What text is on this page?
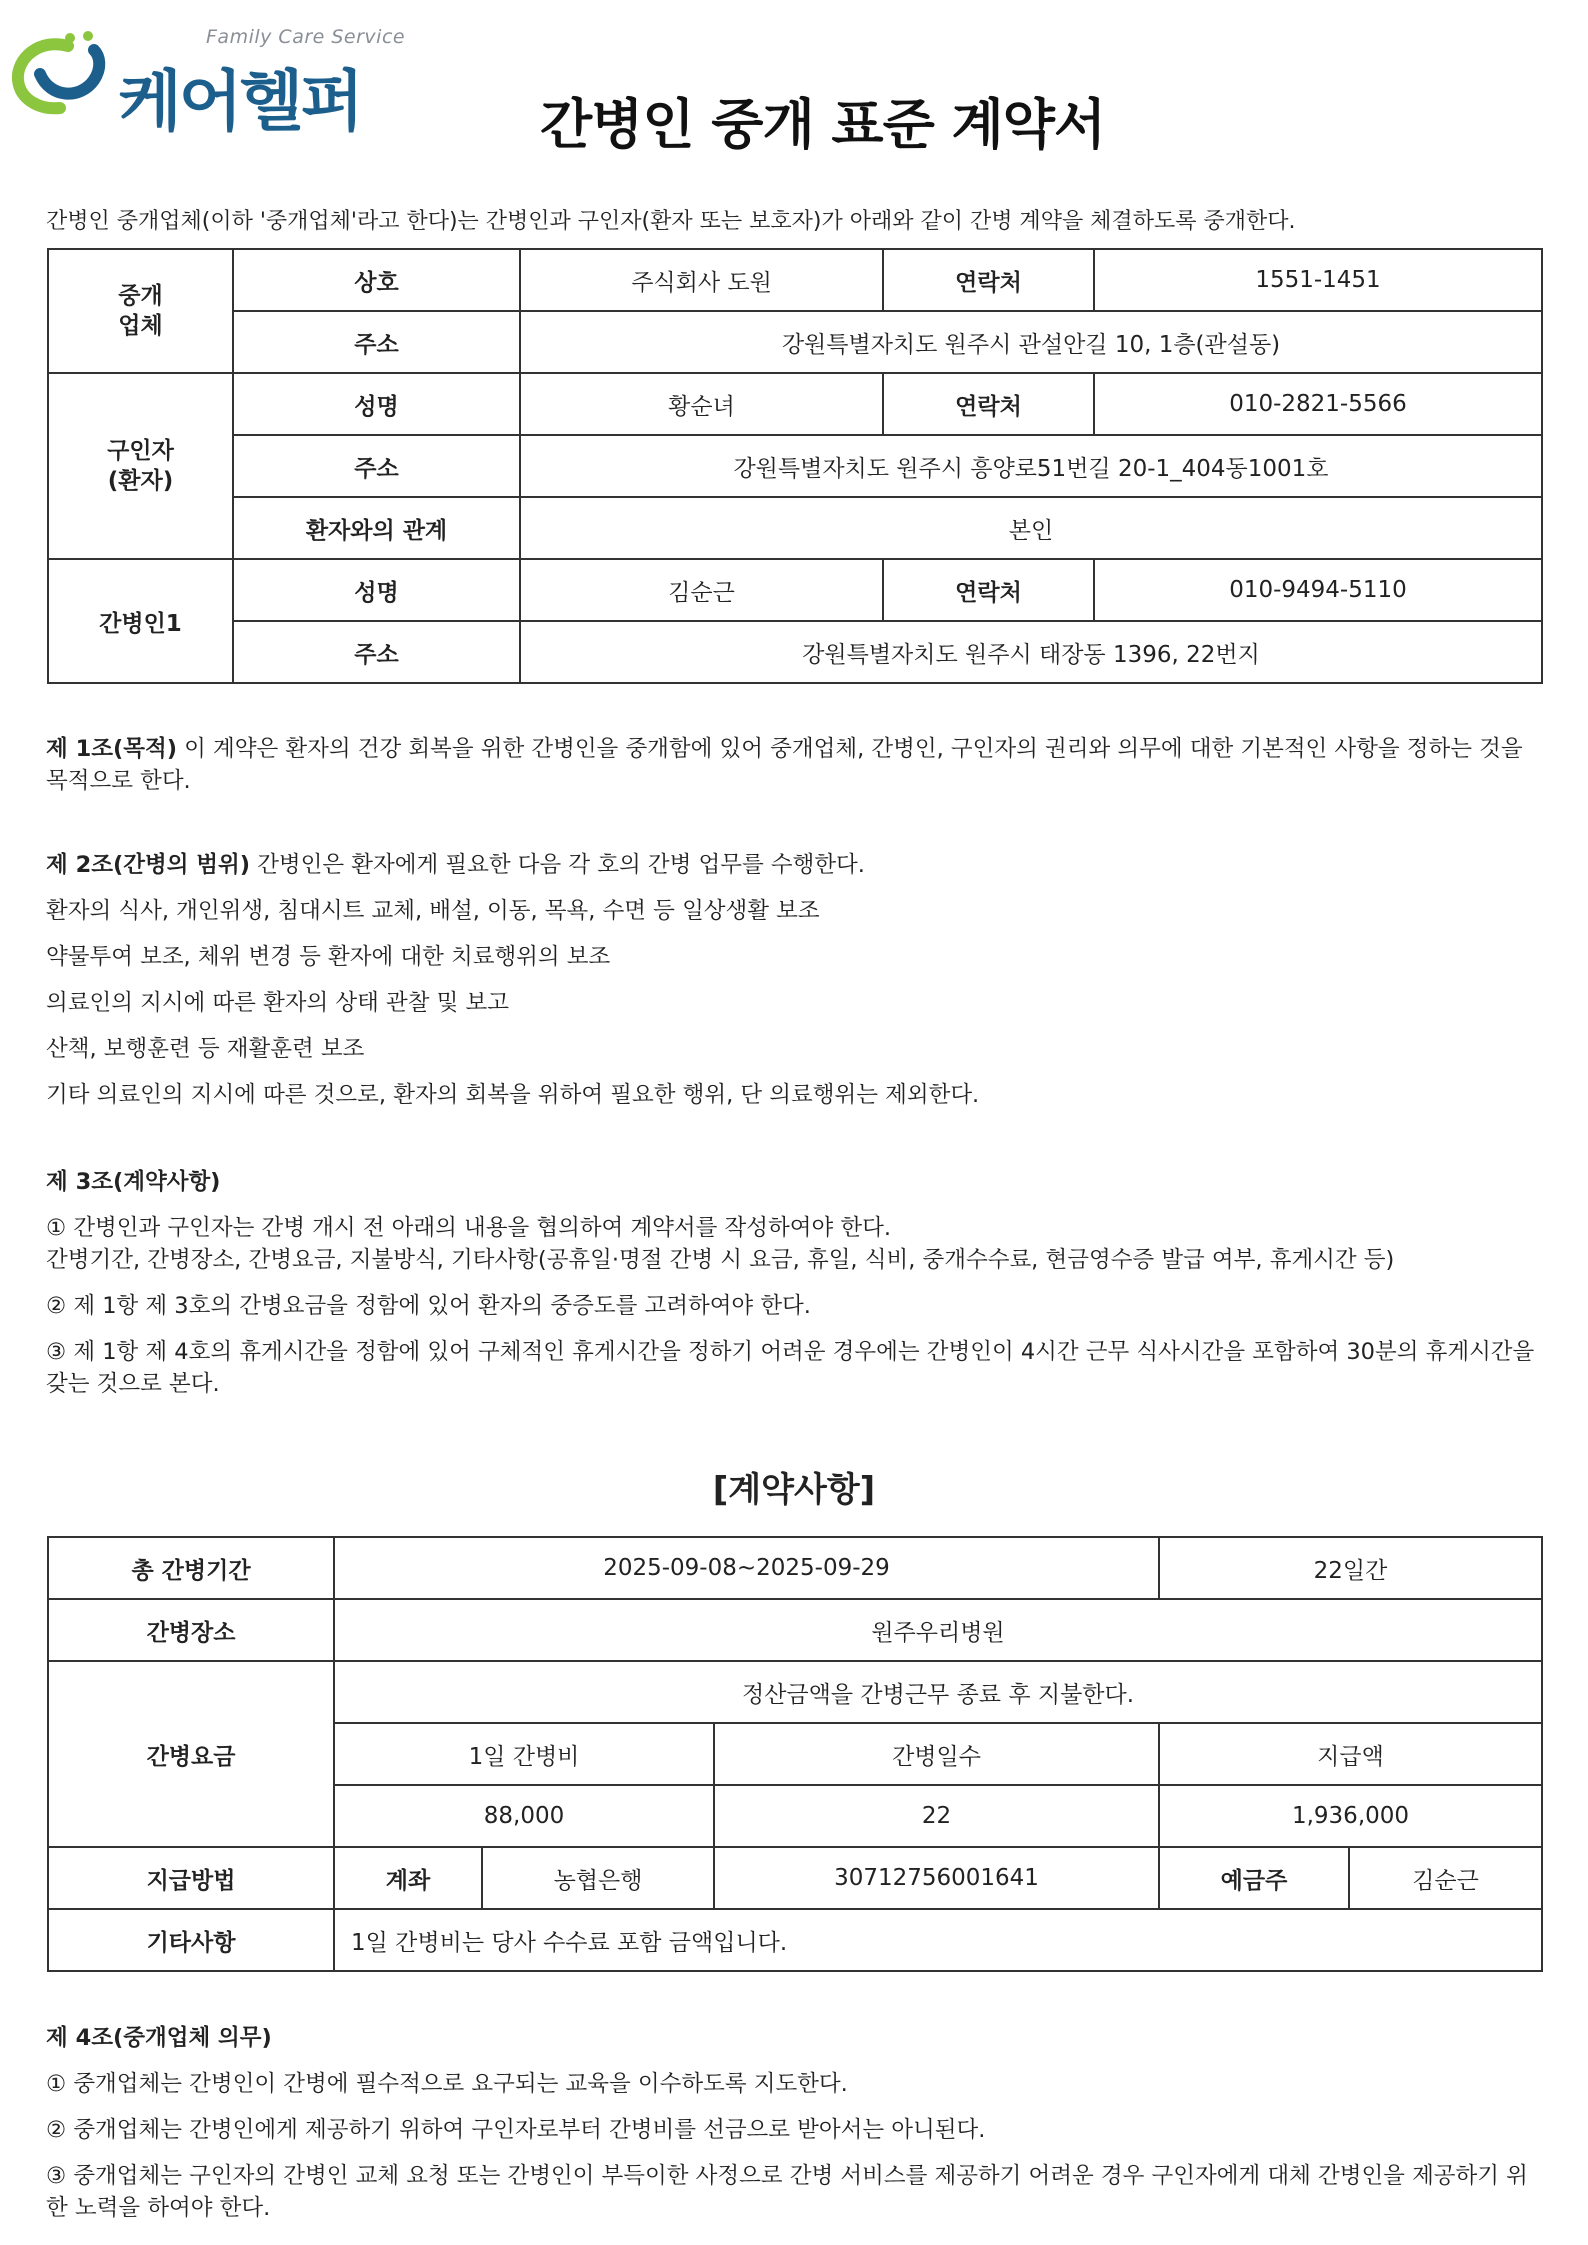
Family Care Service
케어헬퍼	간병인 중개 표준 계약서
간병인 중개업체(이하 '중개업체'라고 한다)는 간병인과 구인자(환자 또는 보호자)가 아래와 같이 간병 계약을 체결하도록 중개한다.
중개
업체	상호	주식회사 도원	연락처	1551-1451
	주소	강원특별자치도 원주시 관설안길 10, 1층(관설동)		
구인자
(환자)	성명	황순녀	연락처	010-2821-5566
	주소	강원특별자치도 원주시 흥양로51번길 20-1_404동1001호		
	환자와의 관계	본인		
간병인1	성명	김순근	연락처	010-9494-5110
	주소	강원특별자치도 원주시 태장동 1396, 22번지		
제 1조(목적) 이 계약은 환자의 건강 회복을 위한 간병인을 중개함에 있어 중개업체, 간병인, 구인자의 권리와 의무에 대한 기본적인 사항을 정하는 것을 목적으로 한다.
제 2조(간병의 범위) 간병인은 환자에게 필요한 다음 각 호의 간병 업무를 수행한다.
환자의 식사, 개인위생, 침대시트 교체, 배설, 이동, 목욕, 수면 등 일상생활 보조
약물투여 보조, 체위 변경 등 환자에 대한 치료행위의 보조
의료인의 지시에 따른 환자의 상태 관찰 및 보고
산책, 보행훈련 등 재활훈련 보조
기타 의료인의 지시에 따른 것으로, 환자의 회복을 위하여 필요한 행위, 단 의료행위는 제외한다.
제 3조(계약사항)
① 간병인과 구인자는 간병 개시 전 아래의 내용을 협의하여 계약서를 작성하여야 한다.
간병기간, 간병장소, 간병요금, 지불방식, 기타사항(공휴일·명절 간병 시 요금, 휴일, 식비, 중개수수료, 현금영수증 발급 여부, 휴게시간 등)
② 제 1항 제 3호의 간병요금을 정함에 있어 환자의 중증도를 고려하여야 한다.
③ 제 1항 제 4호의 휴게시간을 정함에 있어 구체적인 휴게시간을 정하기 어려운 경우에는 간병인이 4시간 근무 식사시간을 포함하여 30분의 휴게시간을 갖는 것으로 본다.
[계약사항]
총 간병기간	2025-09-08~2025-09-29			22일간	
간병장소	원주우리병원				
간병요금	정산금액을 간병근무 종료 후 지불한다.				
	1일 간병비		간병일수	지급액	
	88,000		22	1,936,000	
지급방법	계좌	농협은행	30712756001641	예금주	김순근
기타사항	1일 간병비는 당사 수수료 포함 금액입니다.				
제 4조(중개업체 의무)
① 중개업체는 간병인이 간병에 필수적으로 요구되는 교육을 이수하도록 지도한다.
② 중개업체는 간병인에게 제공하기 위하여 구인자로부터 간병비를 선금으로 받아서는 아니된다.
③ 중개업체는 구인자의 간병인 교체 요청 또는 간병인이 부득이한 사정으로 간병 서비스를 제공하기 어려운 경우 구인자에게 대체 간병인을 제공하기 위한 노력을 하여야 한다.
